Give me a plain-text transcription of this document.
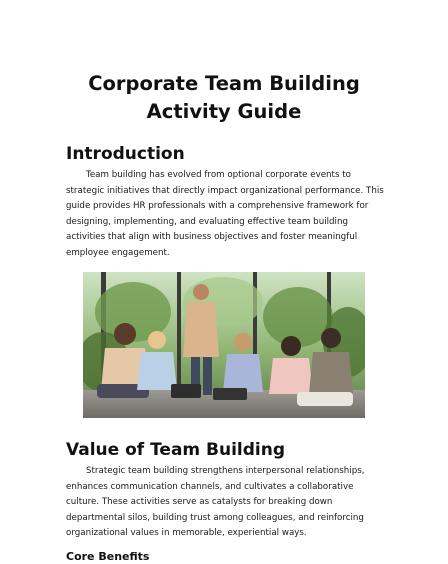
Corporate Team Building
Activity Guide
Introduction

Team building has evolved from optional corporate events to strategic initiatives that directly impact organizational performance. This guide provides HR professionals with a comprehensive framework for designing, implementing, and evaluating effective team building activities that align with business objectives and foster meaningful employee engagement.

Value of Team Building

Strategic team building strengthens interpersonal relationships, enhances communication channels, and cultivates a collaborative culture. These activities serve as catalysts for breaking down departmental silos, building trust among colleagues, and reinforcing organizational values in memorable, experiential ways.

Core Benefits
